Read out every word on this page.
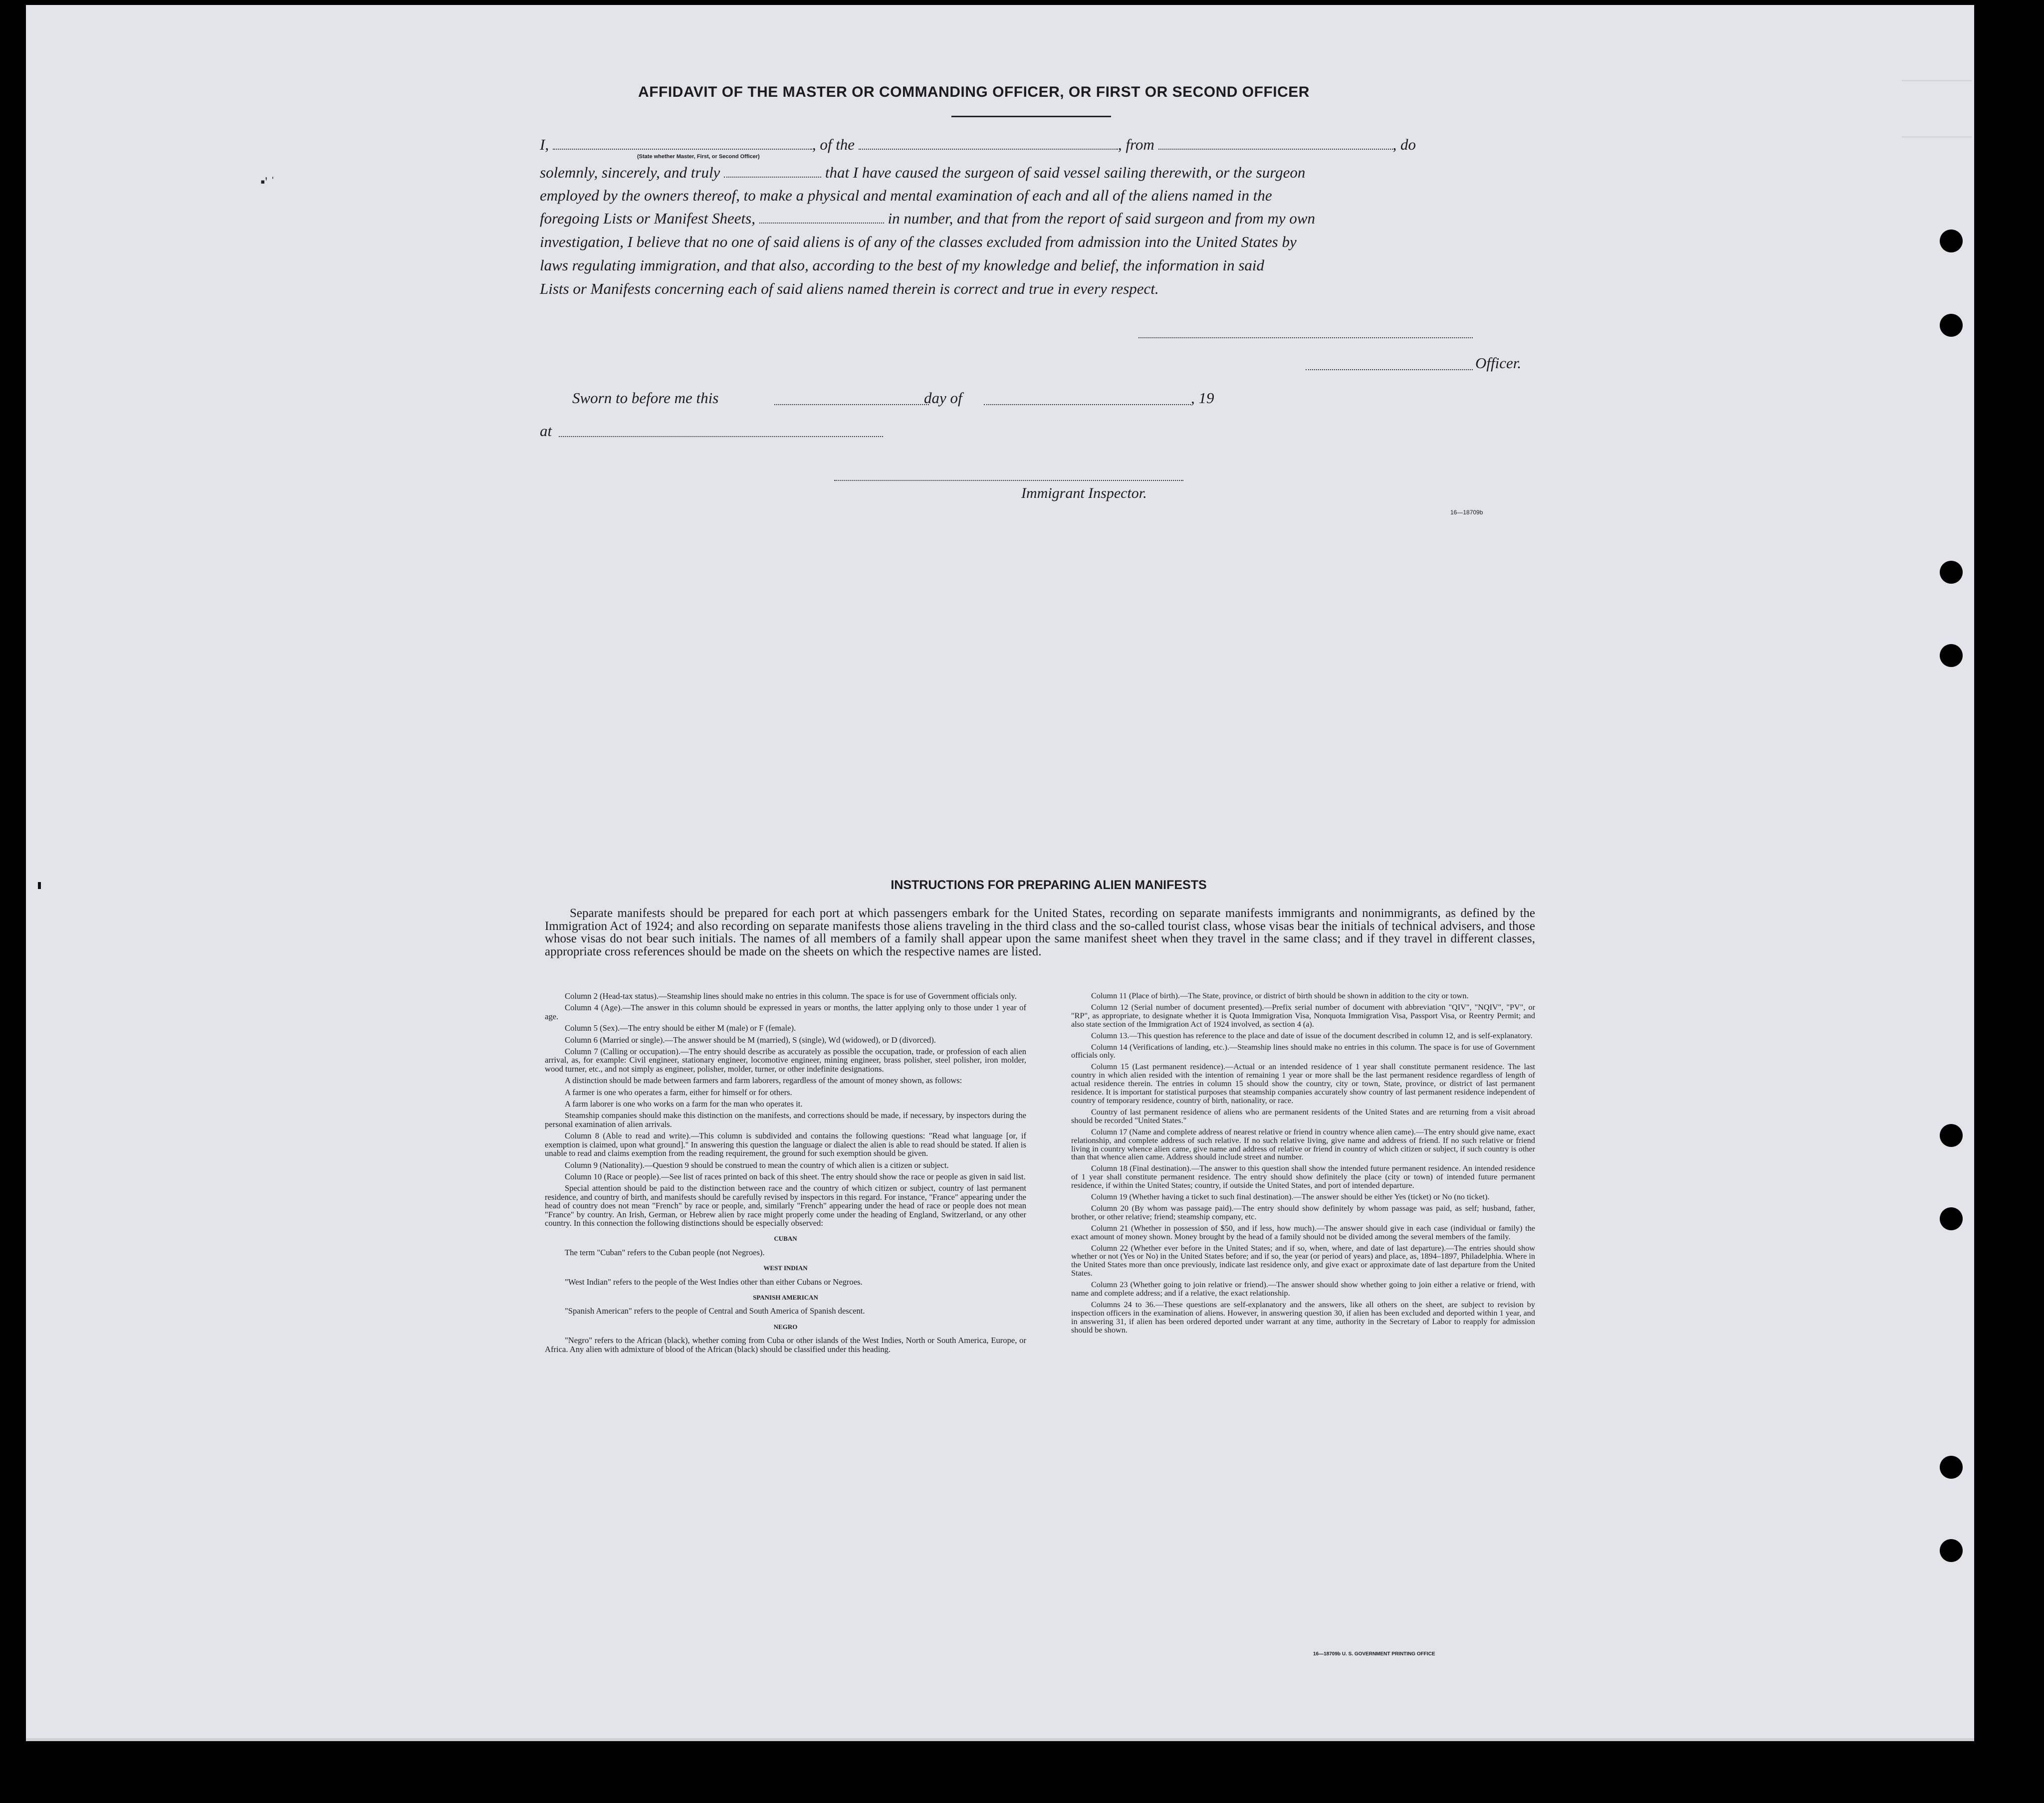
▪' ˈ
AFFIDAVIT OF THE MASTER OR COMMANDING OFFICER, OR FIRST OR SECOND OFFICER
I,	, of the	, from	, do
(State whether Master, First, or Second Officer)
solemnly, sincerely, and truly	that I have caused the surgeon of said vessel sailing therewith, or the surgeon
employed by the owners thereof, to make a physical and mental examination of each and all of the aliens named in the
foregoing Lists or Manifest Sheets,	in number, and that from the report of said surgeon and from my own
investigation, I believe that no one of said aliens is of any of the classes excluded from admission into the United States by
laws regulating immigration, and that also, according to the best of my knowledge and belief, the information in said
Lists or Manifests concerning each of said aliens named therein is correct and true in every respect.
Officer.
Sworn to before me this	day of	, 19
at
Immigrant Inspector.
16—18709b
INSTRUCTIONS FOR PREPARING ALIEN MANIFESTS
Separate manifests should be prepared for each port at which passengers embark for the United States, recording on separate manifests immigrants and nonimmigrants, as defined by the Immigration Act of 1924; and also recording on separate manifests those aliens traveling in the third class and the so-called tourist class, whose visas bear the initials of technical advisers, and those whose visas do not bear such initials. The names of all members of a family shall appear upon the same manifest sheet when they travel in the same class; and if they travel in different classes, appropriate cross references should be made on the sheets on which the respective names are listed.

Column 2 (Head-tax status).—Steamship lines should make no entries in this column. The space is for use of Government officials only.

Column 4 (Age).—The answer in this column should be expressed in years or months, the latter applying only to those under 1 year of age.

Column 5 (Sex).—The entry should be either M (male) or F (female).

Column 6 (Married or single).—The answer should be M (married), S (single), Wd (widowed), or D (divorced).

Column 7 (Calling or occupation).—The entry should describe as accurately as possible the occupation, trade, or profession of each alien arrival, as, for example: Civil engineer, stationary engineer, locomotive engineer, mining engineer, brass polisher, steel polisher, iron molder, wood turner, etc., and not simply as engineer, polisher, molder, turner, or other indefinite designations.

A distinction should be made between farmers and farm laborers, regardless of the amount of money shown, as follows:

A farmer is one who operates a farm, either for himself or for others.

A farm laborer is one who works on a farm for the man who operates it.

Steamship companies should make this distinction on the manifests, and corrections should be made, if necessary, by inspectors during the personal examination of alien arrivals.

Column 8 (Able to read and write).—This column is subdivided and contains the following questions: "Read what language [or, if exemption is claimed, upon what ground]." In answering this question the language or dialect the alien is able to read should be stated. If alien is unable to read and claims exemption from the reading requirement, the ground for such exemption should be given.

Column 9 (Nationality).—Question 9 should be construed to mean the country of which alien is a citizen or subject.

Column 10 (Race or people).—See list of races printed on back of this sheet. The entry should show the race or people as given in said list.

Special attention should be paid to the distinction between race and the country of which citizen or subject, country of last permanent residence, and country of birth, and manifests should be carefully revised by inspectors in this regard. For instance, "France" appearing under the head of country does not mean "French" by race or people, and, similarly "French" appearing under the head of race or people does not mean "France" by country. An Irish, German, or Hebrew alien by race might properly come under the heading of England, Switzerland, or any other country. In this connection the following distinctions should be especially observed:

CUBAN

The term "Cuban" refers to the Cuban people (not Negroes).

WEST INDIAN

"West Indian" refers to the people of the West Indies other than either Cubans or Negroes.

SPANISH AMERICAN

"Spanish American" refers to the people of Central and South America of Spanish descent.

NEGRO

"Negro" refers to the African (black), whether coming from Cuba or other islands of the West Indies, North or South America, Europe, or Africa. Any alien with admixture of blood of the African (black) should be classified under this heading.

Column 11 (Place of birth).—The State, province, or district of birth should be shown in addition to the city or town.

Column 12 (Serial number of document presented).—Prefix serial number of document with abbreviation "QIV", "NQIV", "PV", or "RP", as appropriate, to designate whether it is Quota Immigration Visa, Nonquota Immigration Visa, Passport Visa, or Reentry Permit; and also state section of the Immigration Act of 1924 involved, as section 4 (a).

Column 13.—This question has reference to the place and date of issue of the document described in column 12, and is self-explanatory.

Column 14 (Verifications of landing, etc.).—Steamship lines should make no entries in this column. The space is for use of Government officials only.

Column 15 (Last permanent residence).—Actual or an intended residence of 1 year shall constitute permanent residence. The last country in which alien resided with the intention of remaining 1 year or more shall be the last permanent residence regardless of length of actual residence therein. The entries in column 15 should show the country, city or town, State, province, or district of last permanent residence. It is important for statistical purposes that steamship companies accurately show country of last permanent residence independent of country of temporary residence, country of birth, nationality, or race.

Country of last permanent residence of aliens who are permanent residents of the United States and are returning from a visit abroad should be recorded "United States."

Column 17 (Name and complete address of nearest relative or friend in country whence alien came).—The entry should give name, exact relationship, and complete address of such relative. If no such relative living, give name and address of friend. If no such relative or friend living in country whence alien came, give name and address of relative or friend in country of which citizen or subject, if such country is other than that whence alien came. Address should include street and number.

Column 18 (Final destination).—The answer to this question shall show the intended future permanent residence. An intended residence of 1 year shall constitute permanent residence. The entry should show definitely the place (city or town) of intended future permanent residence, if within the United States; country, if outside the United States, and port of intended departure.

Column 19 (Whether having a ticket to such final destination).—The answer should be either Yes (ticket) or No (no ticket).

Column 20 (By whom was passage paid).—The entry should show definitely by whom passage was paid, as self; husband, father, brother, or other relative; friend; steamship company, etc.

Column 21 (Whether in possession of $50, and if less, how much).—The answer should give in each case (individual or family) the exact amount of money shown. Money brought by the head of a family should not be divided among the several members of the family.

Column 22 (Whether ever before in the United States; and if so, when, where, and date of last departure).—The entries should show whether or not (Yes or No) in the United States before; and if so, the year (or period of years) and place, as, 1894–1897, Philadelphia. Where in the United States more than once previously, indicate last residence only, and give exact or approximate date of last departure from the United States.

Column 23 (Whether going to join relative or friend).—The answer should show whether going to join either a relative or friend, with name and complete address; and if a relative, the exact relationship.

Columns 24 to 36.—These questions are self-explanatory and the answers, like all others on the sheet, are subject to revision by inspection officers in the examination of aliens. However, in answering question 30, if alien has been excluded and deported within 1 year, and in answering 31, if alien has been ordered deported under warrant at any time, authority in the Secretary of Labor to reapply for admission should be shown.

16—18709b U. S. GOVERNMENT PRINTING OFFICE
